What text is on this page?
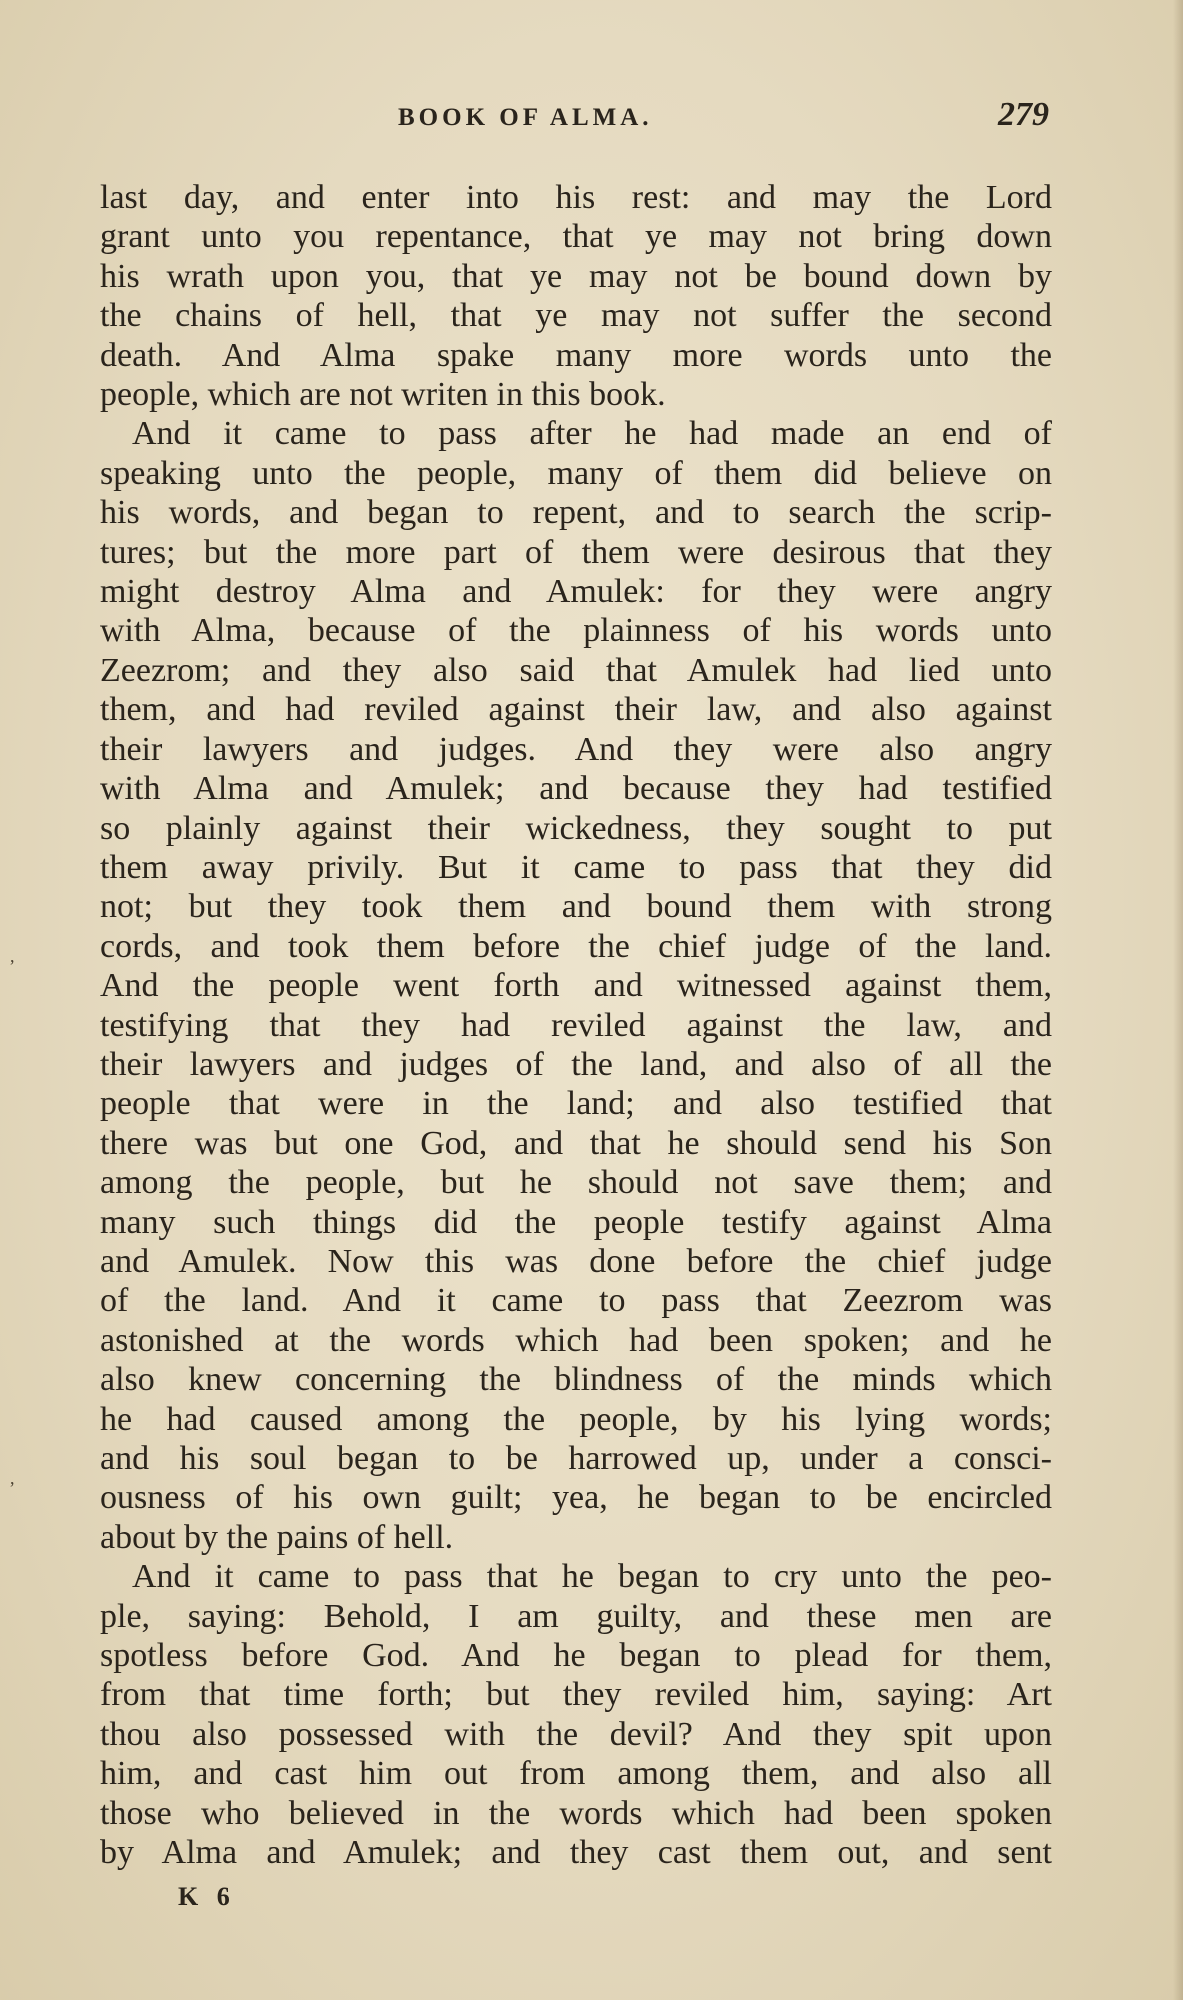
BOOK OF ALMA.	279

last day, and enter into his rest: and may the Lord
grant unto you repentance, that ye may not bring down
his wrath upon you, that ye may not be bound down by
the chains of hell, that ye may not suffer the second
death. And Alma spake many more words unto the
people, which are not writen in this book.

And it came to pass after he had made an end of
speaking unto the people, many of them did believe on
his words, and began to repent, and to search the scrip-
tures; but the more part of them were desirous that they
might destroy Alma and Amulek: for they were angry
with Alma, because of the plainness of his words unto
Zeezrom; and they also said that Amulek had lied unto
them, and had reviled against their law, and also against
their lawyers and judges. And they were also angry
with Alma and Amulek; and because they had testified
so plainly against their wickedness, they sought to put
them away privily. But it came to pass that they did
not; but they took them and bound them with strong
cords, and took them before the chief judge of the land.
And the people went forth and witnessed against them,
testifying that they had reviled against the law, and
their lawyers and judges of the land, and also of all the
people that were in the land; and also testified that
there was but one God, and that he should send his Son
among the people, but he should not save them; and
many such things did the people testify against Alma
and Amulek. Now this was done before the chief judge
of the land. And it came to pass that Zeezrom was
astonished at the words which had been spoken; and he
also knew concerning the blindness of the minds which
he had caused among the people, by his lying words;
and his soul began to be harrowed up, under a consci-
ousness of his own guilt; yea, he began to be encircled
about by the pains of hell.

And it came to pass that he began to cry unto the peo-
ple, saying: Behold, I am guilty, and these men are
spotless before God. And he began to plead for them,
from that time forth; but they reviled him, saying: Art
thou also possessed with the devil? And they spit upon
him, and cast him out from among them, and also all
those who believed in the words which had been spoken
by Alma and Amulek; and they cast them out, and sent

K 6
,
,
